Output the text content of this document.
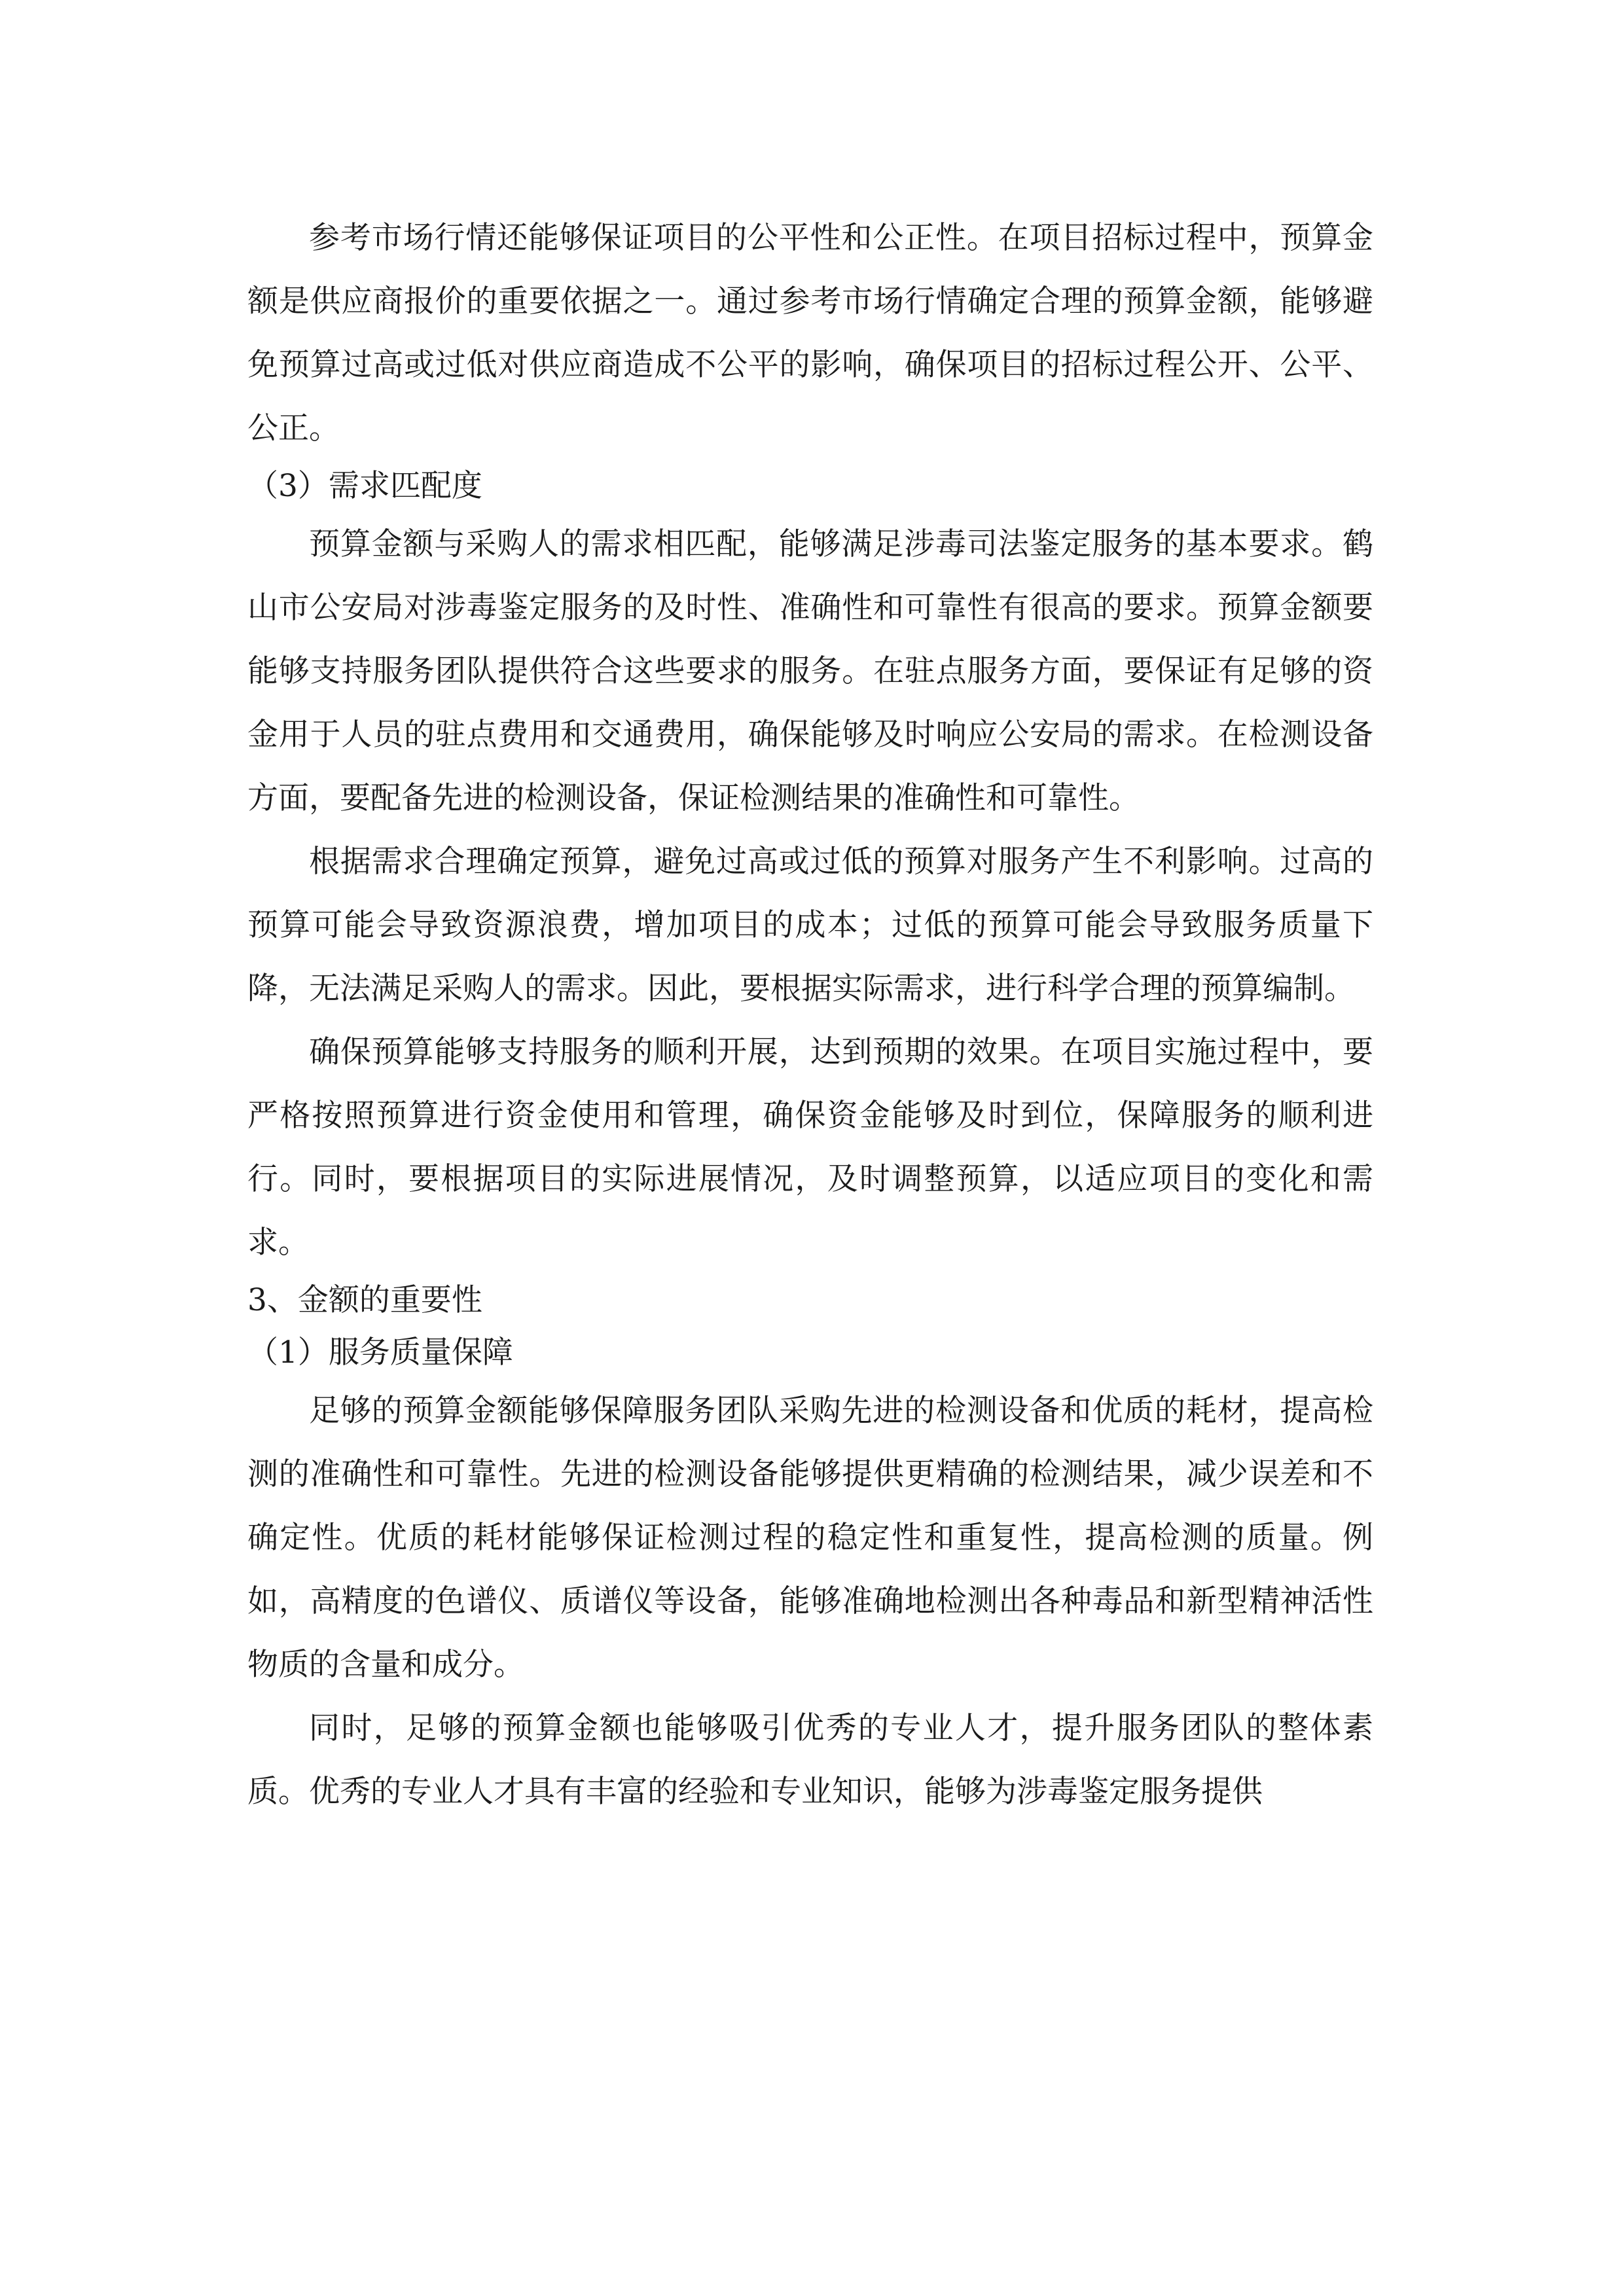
参考市场行情还能够保证项目的公平性和公正性。在项目招标过程中，预算金额是供应商报价的重要依据之一。通过参考市场行情确定合理的预算金额，能够避免预算过高或过低对供应商造成不公平的影响，确保项目的招标过程公开、公平、公正。

（3）需求匹配度

预算金额与采购人的需求相匹配，能够满足涉毒司法鉴定服务的基本要求。鹤山市公安局对涉毒鉴定服务的及时性、准确性和可靠性有很高的要求。预算金额要能够支持服务团队提供符合这些要求的服务。在驻点服务方面，要保证有足够的资金用于人员的驻点费用和交通费用，确保能够及时响应公安局的需求。在检测设备方面，要配备先进的检测设备，保证检测结果的准确性和可靠性。

根据需求合理确定预算，避免过高或过低的预算对服务产生不利影响。过高的预算可能会导致资源浪费，增加项目的成本；过低的预算可能会导致服务质量下降，无法满足采购人的需求。因此，要根据实际需求，进行科学合理的预算编制。

确保预算能够支持服务的顺利开展，达到预期的效果。在项目实施过程中，要严格按照预算进行资金使用和管理，确保资金能够及时到位，保障服务的顺利进行。同时，要根据项目的实际进展情况，及时调整预算，以适应项目的变化和需求。

3、金额的重要性

（1）服务质量保障

足够的预算金额能够保障服务团队采购先进的检测设备和优质的耗材，提高检测的准确性和可靠性。先进的检测设备能够提供更精确的检测结果，减少误差和不确定性。优质的耗材能够保证检测过程的稳定性和重复性，提高检测的质量。例如，高精度的色谱仪、质谱仪等设备，能够准确地检测出各种毒品和新型精神活性物质的含量和成分。

同时，足够的预算金额也能够吸引优秀的专业人才，提升服务团队的整体素质。优秀的专业人才具有丰富的经验和专业知识，能够为涉毒鉴定服务提供
